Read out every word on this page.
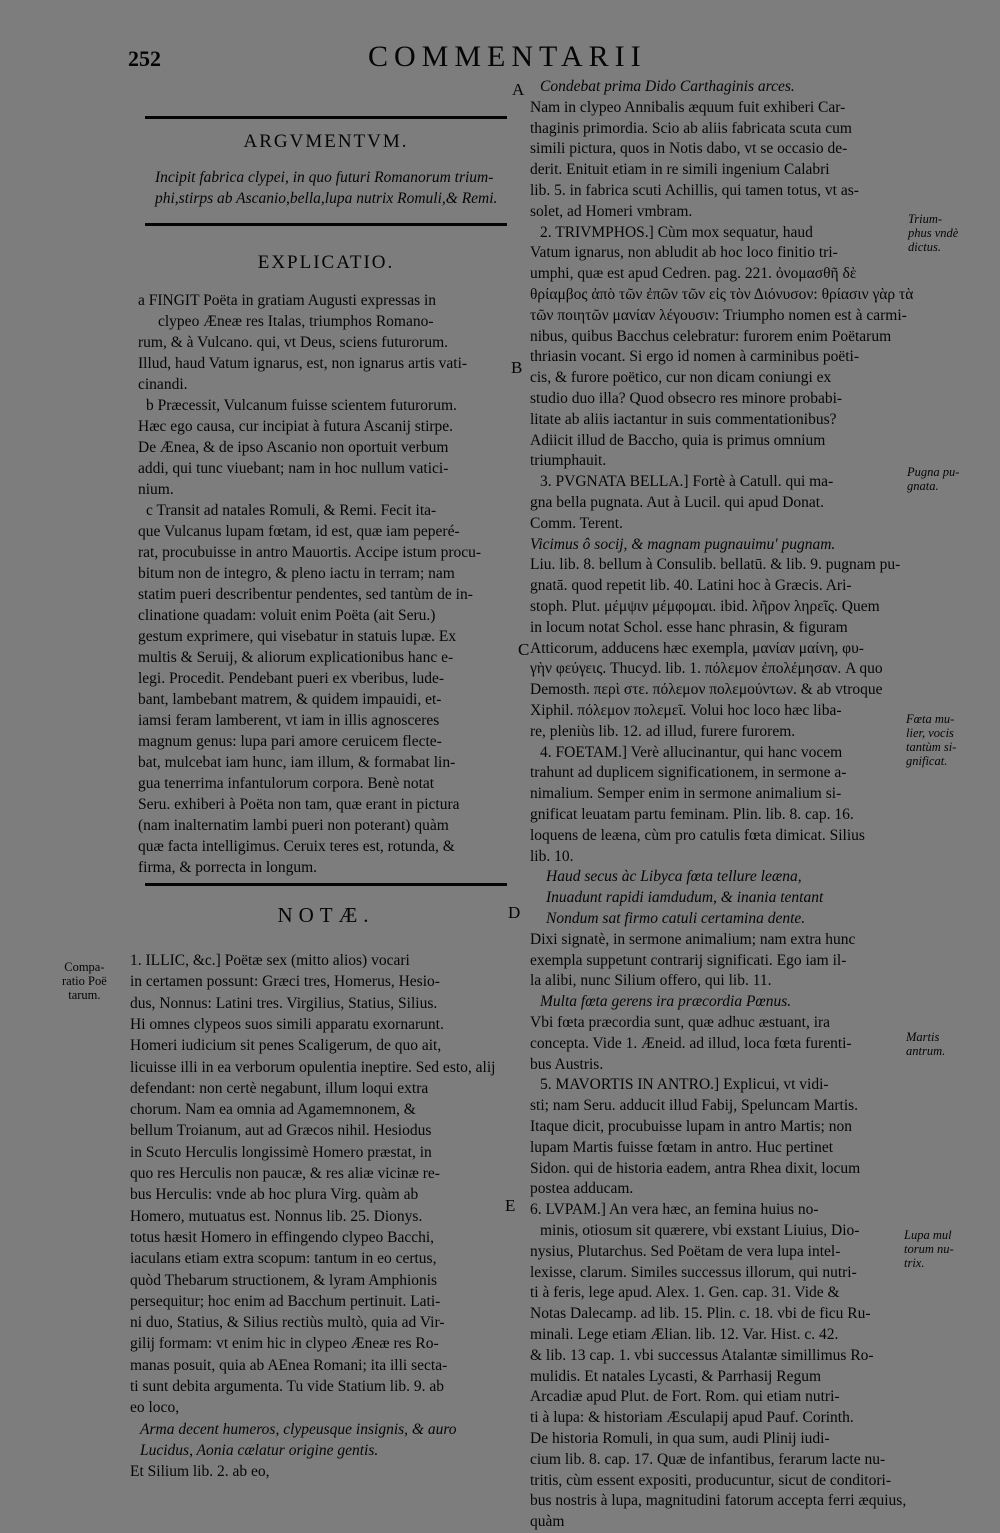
252	COMMENTARII
A
B
C
D
E
ARGVMENTVM.
Incipit fabrica clypei, in quo futuri Romanorum trium-
phi,stirps ab Ascanio,bella,lupa nutrix Romuli,& Remi.
EXPLICATIO.
a FINGIT Poëta in gratiam Augusti expressas in
clypeo Æneæ res Italas, triumphos Romano-
rum, & à Vulcano. qui, vt Deus, sciens futurorum.
Illud, haud Vatum ignarus, est, non ignarus artis vati-
cinandi.
b Præcessit, Vulcanum fuisse scientem futurorum.
Hæc ego causa, cur incipiat à futura Ascanij stirpe.
De Ænea, & de ipso Ascanio non oportuit verbum
addi, qui tunc viuebant; nam in hoc nullum vatici-
nium.
c Transit ad natales Romuli, & Remi. Fecit ita-
que Vulcanus lupam fœtam, id est, quæ iam peperé-
rat, procubuisse in antro Mauortis. Accipe istum procu-
bitum non de integro, & pleno iactu in terram; nam
statim pueri describentur pendentes, sed tantùm de in-
clinatione quadam: voluit enim Poëta (ait Seru.)
gestum exprimere, qui visebatur in statuis lupæ. Ex
multis & Seruij, & aliorum explicationibus hanc e-
legi. Procedit. Pendebant pueri ex vberibus, lude-
bant, lambebant matrem, & quidem impauidi, et-
iamsi feram lamberent, vt iam in illis agnosceres
magnum genus: lupa pari amore ceruicem flecte-
bat, mulcebat iam hunc, iam illum, & formabat lin-
gua tenerrima infantulorum corpora. Benè notat
Seru. exhiberi à Poëta non tam, quæ erant in pictura
(nam inalternatim lambi pueri non poterant) quàm
quæ facta intelligimus. Ceruix teres est, rotunda, &
firma, & porrecta in longum.
NOTÆ.
1. ILLIC, &c.] Poëtæ sex (mitto alios) vocari
in certamen possunt: Græci tres, Homerus, Hesio-
dus, Nonnus: Latini tres. Virgilius, Statius, Silius.
Hi omnes clypeos suos simili apparatu exornarunt.
Homeri iudicium sit penes Scaligerum, de quo ait,
licuisse illi in ea verborum opulentia ineptire. Sed esto, alij
defendant: non certè negabunt, illum loqui extra
chorum. Nam ea omnia ad Agamemnonem, &
bellum Troianum, aut ad Græcos nihil. Hesiodus
in Scuto Herculis longissimè Homero præstat, in
quo res Herculis non paucæ, & res aliæ vicinæ re-
bus Herculis: vnde ab hoc plura Virg. quàm ab
Homero, mutuatus est. Nonnus lib. 25. Dionys.
totus hæsit Homero in effingendo clypeo Bacchi,
iaculans etiam extra scopum: tantum in eo certus,
quòd Thebarum structionem, & lyram Amphionis
persequitur; hoc enim ad Bacchum pertinuit. Lati-
ni duo, Statius, & Silius rectiùs multò, quia ad Vir-
gilij formam: vt enim hic in clypeo Æneæ res Ro-
manas posuit, quia ab AEnea Romani; ita illi secta-
ti sunt debita argumenta. Tu vide Statium lib. 9. ab
eo loco,
Arma decent humeros, clypeusque insignis, & auro
Lucidus, Aonia cælatur origine gentis.
Et Silium lib. 2. ab eo,
Condebat prima Dido Carthaginis arces.
Nam in clypeo Annibalis æquum fuit exhiberi Car-
thaginis primordia. Scio ab aliis fabricata scuta cum
simili pictura, quos in Notis dabo, vt se occasio de-
derit. Enituit etiam in re simili ingenium Calabri
lib. 5. in fabrica scuti Achillis, qui tamen totus, vt as-
solet, ad Homeri vmbram.
2. TRIVMPHOS.] Cùm mox sequatur, haud
Vatum ignarus, non abludit ab hoc loco finitio tri-
umphi, quæ est apud Cedren. pag. 221. ὀνομασθῆ δὲ
θρίαμβος ἀπὸ τῶν ἐπῶν τῶν εἰς τὸν Διόνυσον: θρίασιν γὰρ τὰ
τῶν ποιητῶν μανίαν λέγουσιν: Triumpho nomen est à carmi-
nibus, quibus Bacchus celebratur: furorem enim Poëtarum
thriasin vocant. Si ergo id nomen à carminibus poëti-
cis, & furore poëtico, cur non dicam coniungi ex
studio duo illa? Quod obsecro res minore probabi-
litate ab aliis iactantur in suis commentationibus?
Adiicit illud de Baccho, quia is primus omnium
triumphauit.
3. PVGNATA BELLA.] Fortè à Catull. qui ma-
gna bella pugnata. Aut à Lucil. qui apud Donat.
Comm. Terent.
Vicimus ô socij, & magnam pugnauimu' pugnam.
Liu. lib. 8. bellum à Consulib. bellatū. & lib. 9. pugnam pu-
gnatā. quod repetit lib. 40. Latini hoc à Græcis. Ari-
stoph. Plut. μέμψιν μέμφομαι. ibid. λῆρον ληρεῖς. Quem
in locum notat Schol. esse hanc phrasin, & figuram
Atticorum, adducens hæc exempla, μανίαν μαίνη, φυ-
γὴν φεύγεις. Thucyd. lib. 1. πόλεμον ἐπολέμησαν. A quo
Demosth. περὶ στε. πόλεμον πολεμούντων. & ab vtroque
Xiphil. πόλεμον πολεμεῖ. Volui hoc loco hæc liba-
re, pleniùs lib. 12. ad illud, furere furorem.
4. FOETAM.] Verè allucinantur, qui hanc vocem
trahunt ad duplicem significationem, in sermone a-
nimalium. Semper enim in sermone animalium si-
gnificat leuatam partu feminam. Plin. lib. 8. cap. 16.
loquens de leæna, cùm pro catulis fœta dimicat. Silius
lib. 10.
Haud secus àc Libyca fœta tellure leæna,
Inuadunt rapidi iamdudum, & inania tentant
Nondum sat firmo catuli certamina dente.
Dixi signatè, in sermone animalium; nam extra hunc
exempla suppetunt contrarij significati. Ego iam il-
la alibi, nunc Silium offero, qui lib. 11.
Multa fœta gerens ira præcordia Pœnus.
Vbi fœta præcordia sunt, quæ adhuc æstuant, ira
concepta. Vide 1. Æneid. ad illud, loca fœta furenti-
bus Austris.
5. MAVORTIS IN ANTRO.] Explicui, vt vidi-
sti; nam Seru. adducit illud Fabij, Speluncam Martis.
Itaque dicit, procubuisse lupam in antro Martis; non
lupam Martis fuisse fœtam in antro. Huc pertinet
Sidon. qui de historia eadem, antra Rhea dixit, locum
postea adducam.
6. LVPAM.] An vera hæc, an femina huius no-
minis, otiosum sit quærere, vbi exstant Liuius, Dio-
nysius, Plutarchus. Sed Poëtam de vera lupa intel-
lexisse, clarum. Similes successus illorum, qui nutri-
ti à feris, lege apud. Alex. 1. Gen. cap. 31. Vide &
Notas Dalecamp. ad lib. 15. Plin. c. 18. vbi de ficu Ru-
minali. Lege etiam Ælian. lib. 12. Var. Hist. c. 42.
& lib. 13 cap. 1. vbi successus Atalantæ simillimus Ro-
mulidis. Et natales Lycasti, & Parrhasij Regum
Arcadiæ apud Plut. de Fort. Rom. qui etiam nutri-
ti à lupa: & historiam Æsculapij apud Pauf. Corinth.
De historia Romuli, in qua sum, audi Plinij iudi-
cium lib. 8. cap. 17. Quæ de infantibus, ferarum lacte nu-
tritis, cùm essent expositi, producuntur, sicut de conditori-
bus nostris à lupa, magnitudini fatorum accepta ferri æquius,
quàm
Compa-
ratio Poë
tarum.
Trium-
phus vndè
dictus.
Pugna pu-
gnata.
Fœta mu-
lier, vocis
tantùm si-
gnificat.
Martis
antrum.
Lupa mul
torum nu-
trix.
